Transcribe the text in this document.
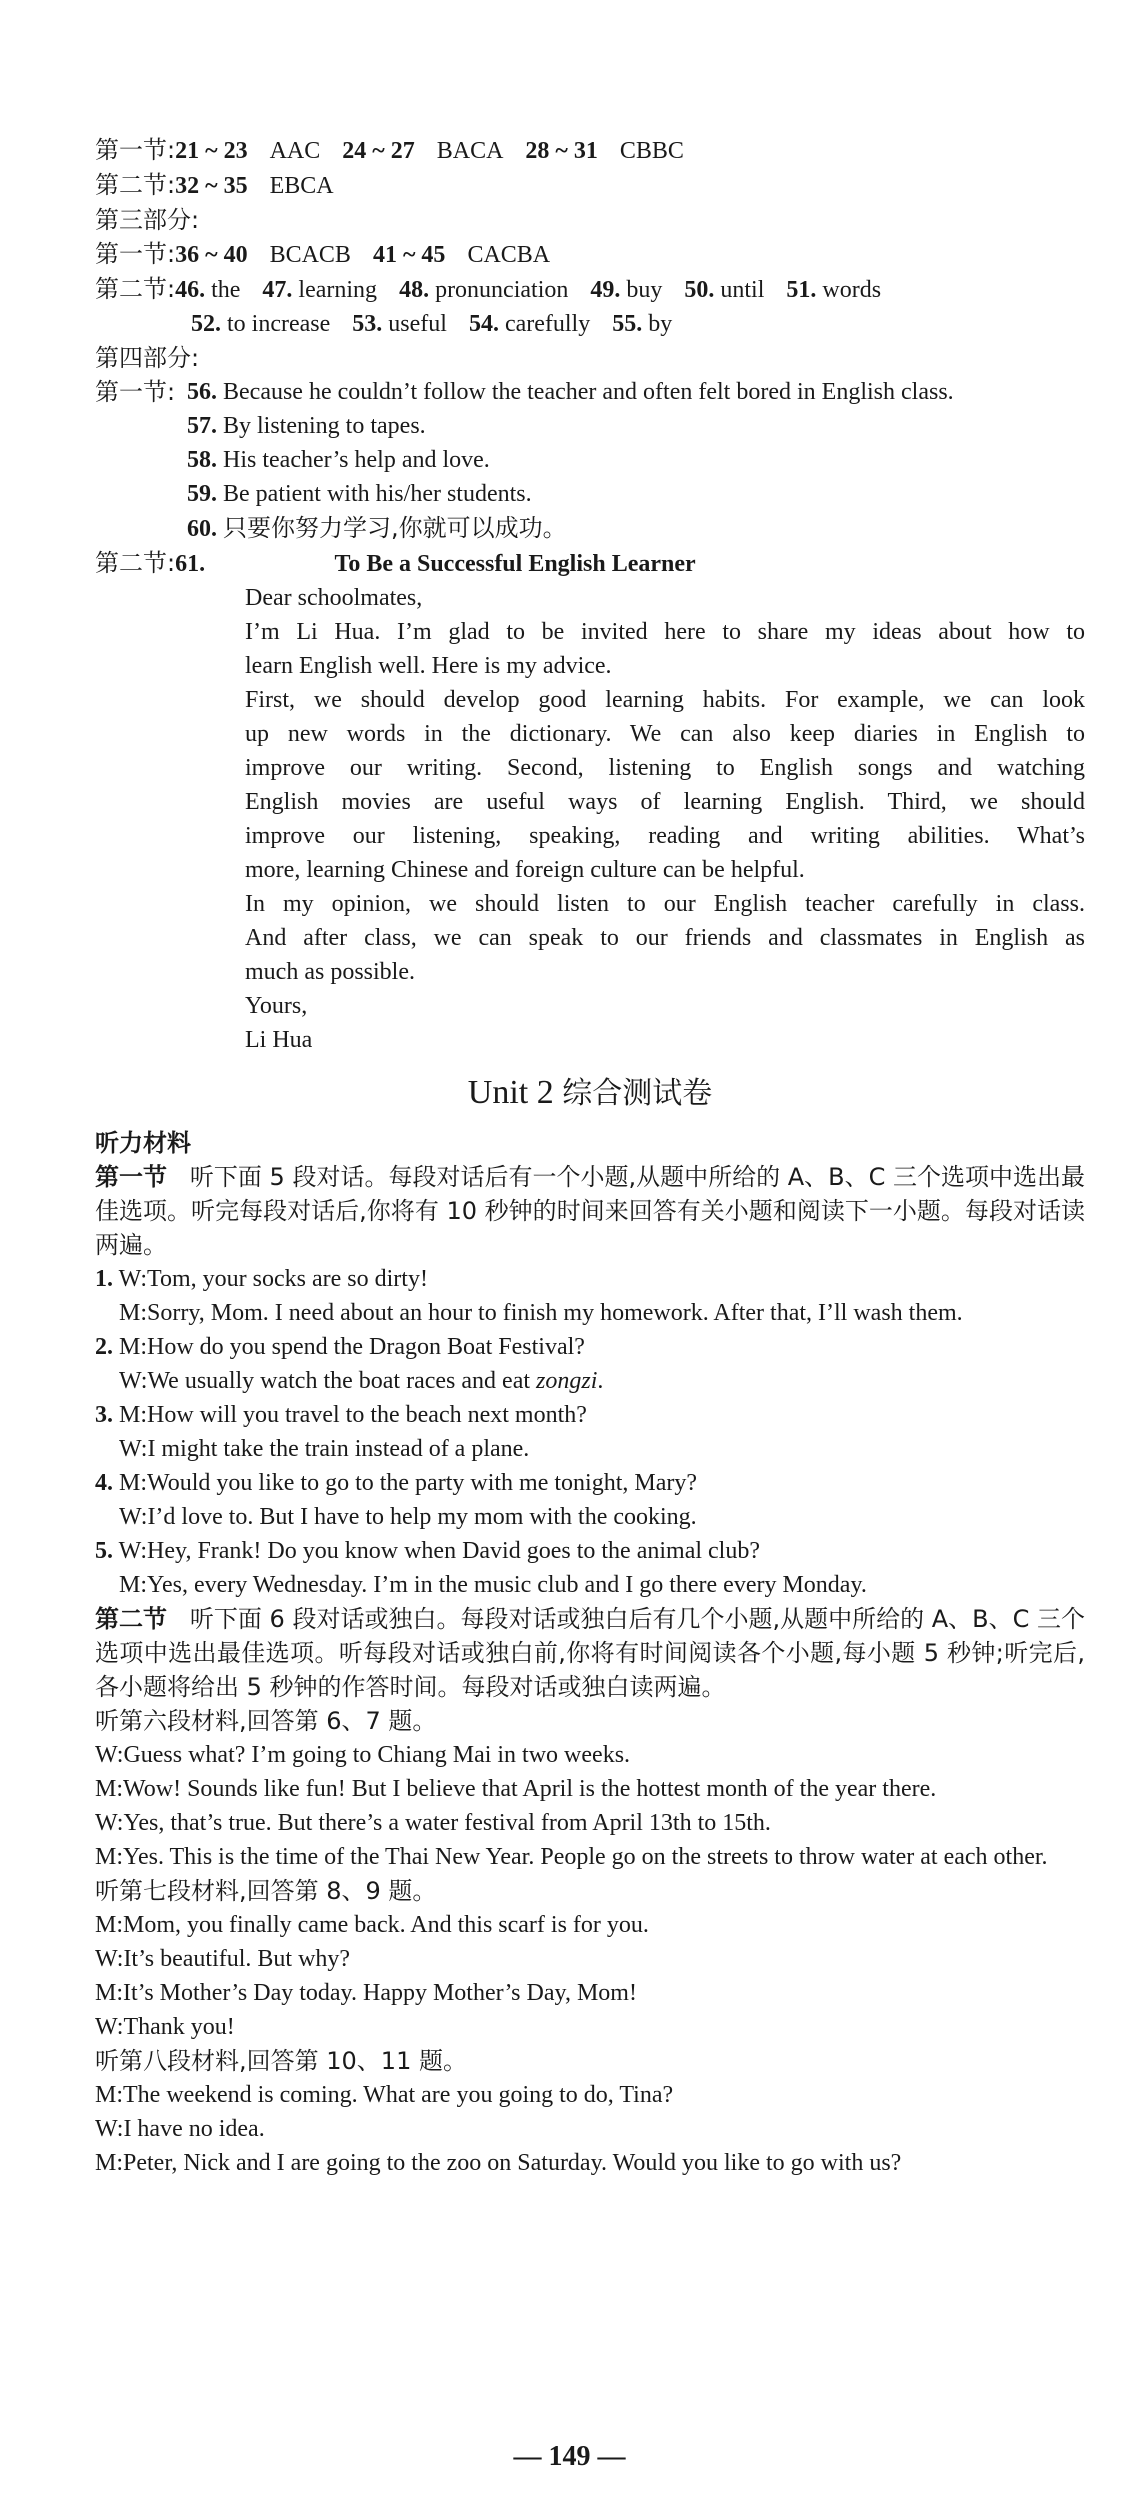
第一节:21 ~ 23 AAC 24 ~ 27 BACA 28 ~ 31 CBBC

第二节:32 ~ 35 EBCA

第三部分:

第一节:36 ~ 40 BCACB 41 ~ 45 CACBA

第二节:46. the 47. learning 48. pronunciation 49. buy 50. until 51. words

52. to increase 53. useful 54. carefully 55. by

第四部分:

第一节: 56. Because he couldn’t follow the teacher and often felt bored in English class.

57. By listening to tapes.

58. His teacher’s help and love.

59. Be patient with his/her students.

60. 只要你努力学习,你就可以成功。

第二节:61.	To Be a Successful English Learner

Dear schoolmates,

I’m Li Hua. I’m glad to be invited here to share my ideas about how to

learn English well. Here is my advice.

First, we should develop good learning habits. For example, we can look

up new words in the dictionary. We can also keep diaries in English to

improve our writing. Second, listening to English songs and watching

English movies are useful ways of learning English. Third, we should

improve our listening, speaking, reading and writing abilities. What’s

more, learning Chinese and foreign culture can be helpful.

In my opinion, we should listen to our English teacher carefully in class.

And after class, we can speak to our friends and classmates in English as

much as possible.

Yours,

Li Hua

Unit 2 综合测试卷

听力材料

第一节 听下面 5 段对话。每段对话后有一个小题,从题中所给的 A、B、C 三个选项中选出最佳选项。听完每段对话后,你将有 10 秒钟的时间来回答有关小题和阅读下一小题。每段对话读两遍。

1. W:Tom, your socks are so dirty!

M:Sorry, Mom. I need about an hour to finish my homework. After that, I’ll wash them.

2. M:How do you spend the Dragon Boat Festival?

W:We usually watch the boat races and eat zongzi.

3. M:How will you travel to the beach next month?

W:I might take the train instead of a plane.

4. M:Would you like to go to the party with me tonight, Mary?

W:I’d love to. But I have to help my mom with the cooking.

5. W:Hey, Frank! Do you know when David goes to the animal club?

M:Yes, every Wednesday. I’m in the music club and I go there every Monday.

第二节 听下面 6 段对话或独白。每段对话或独白后有几个小题,从题中所给的 A、B、C 三个选项中选出最佳选项。听每段对话或独白前,你将有时间阅读各个小题,每小题 5 秒钟;听完后,各小题将给出 5 秒钟的作答时间。每段对话或独白读两遍。

听第六段材料,回答第 6、7 题。

W:Guess what? I’m going to Chiang Mai in two weeks.

M:Wow! Sounds like fun! But I believe that April is the hottest month of the year there.

W:Yes, that’s true. But there’s a water festival from April 13th to 15th.

M:Yes. This is the time of the Thai New Year. People go on the streets to throw water at each other.

听第七段材料,回答第 8、9 题。

M:Mom, you finally came back. And this scarf is for you.

W:It’s beautiful. But why?

M:It’s Mother’s Day today. Happy Mother’s Day, Mom!

W:Thank you!

听第八段材料,回答第 10、11 题。

M:The weekend is coming. What are you going to do, Tina?

W:I have no idea.

M:Peter, Nick and I are going to the zoo on Saturday. Would you like to go with us?

— 149 —
